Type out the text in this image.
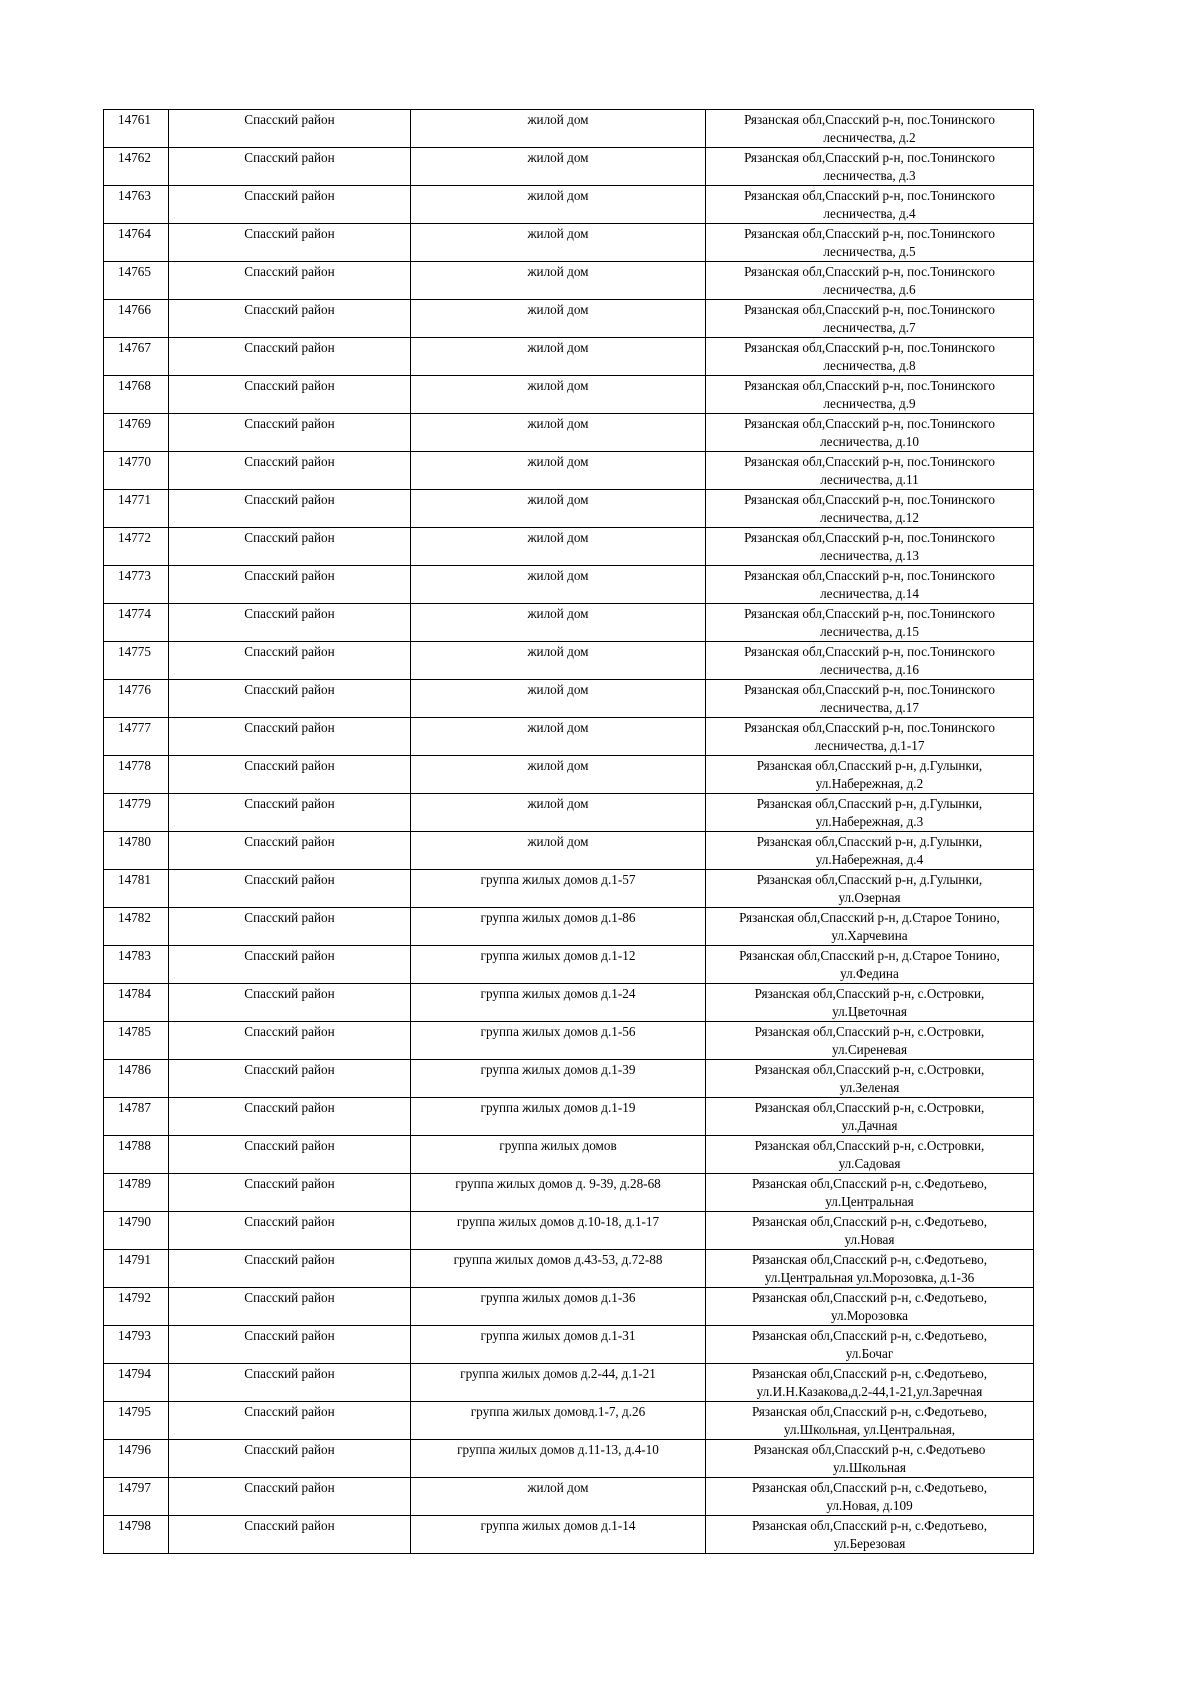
14761	Спасский район	жилой дом	Рязанская обл,Спасский р-н, пос.Тонинского
лесничества, д.2

14762	Спасский район	жилой дом	Рязанская обл,Спасский р-н, пос.Тонинского
лесничества, д.3

14763	Спасский район	жилой дом	Рязанская обл,Спасский р-н, пос.Тонинского
лесничества, д.4

14764	Спасский район	жилой дом	Рязанская обл,Спасский р-н, пос.Тонинского
лесничества, д.5

14765	Спасский район	жилой дом	Рязанская обл,Спасский р-н, пос.Тонинского
лесничества, д.6

14766	Спасский район	жилой дом	Рязанская обл,Спасский р-н, пос.Тонинского
лесничества, д.7

14767	Спасский район	жилой дом	Рязанская обл,Спасский р-н, пос.Тонинского
лесничества, д.8

14768	Спасский район	жилой дом	Рязанская обл,Спасский р-н, пос.Тонинского
лесничества, д.9

14769	Спасский район	жилой дом	Рязанская обл,Спасский р-н, пос.Тонинского
лесничества, д.10

14770	Спасский район	жилой дом	Рязанская обл,Спасский р-н, пос.Тонинского
лесничества, д.11

14771	Спасский район	жилой дом	Рязанская обл,Спасский р-н, пос.Тонинского
лесничества, д.12

14772	Спасский район	жилой дом	Рязанская обл,Спасский р-н, пос.Тонинского
лесничества, д.13

14773	Спасский район	жилой дом	Рязанская обл,Спасский р-н, пос.Тонинского
лесничества, д.14

14774	Спасский район	жилой дом	Рязанская обл,Спасский р-н, пос.Тонинского
лесничества, д.15

14775	Спасский район	жилой дом	Рязанская обл,Спасский р-н, пос.Тонинского
лесничества, д.16

14776	Спасский район	жилой дом	Рязанская обл,Спасский р-н, пос.Тонинского
лесничества, д.17

14777	Спасский район	жилой дом	Рязанская обл,Спасский р-н, пос.Тонинского
лесничества, д.1-17

14778	Спасский район	жилой дом	Рязанская обл,Спасский р-н, д.Гулынки,
ул.Набережная, д.2

14779	Спасский район	жилой дом	Рязанская обл,Спасский р-н, д.Гулынки,
ул.Набережная, д.3

14780	Спасский район	жилой дом	Рязанская обл,Спасский р-н, д.Гулынки,
ул.Набережная, д.4

14781	Спасский район	группа жилых домов д.1-57	Рязанская обл,Спасский р-н, д.Гулынки,
ул.Озерная

14782	Спасский район	группа жилых домов д.1-86	Рязанская обл,Спасский р-н, д.Старое Тонино,
ул.Харчевина

14783	Спасский район	группа жилых домов д.1-12	Рязанская обл,Спасский р-н, д.Старое Тонино,
ул.Федина

14784	Спасский район	группа жилых домов д.1-24	Рязанская обл,Спасский р-н, с.Островки,
ул.Цветочная

14785	Спасский район	группа жилых домов д.1-56	Рязанская обл,Спасский р-н, с.Островки,
ул.Сиреневая

14786	Спасский район	группа жилых домов д.1-39	Рязанская обл,Спасский р-н, с.Островки,
ул.Зеленая

14787	Спасский район	группа жилых домов д.1-19	Рязанская обл,Спасский р-н, с.Островки,
ул.Дачная

14788	Спасский район	группа жилых домов	Рязанская обл,Спасский р-н, с.Островки,
ул.Садовая

14789	Спасский район	группа жилых домов д. 9-39, д.28-68	Рязанская обл,Спасский р-н, с.Федотьево,
ул.Центральная

14790	Спасский район	группа жилых домов д.10-18, д.1-17	Рязанская обл,Спасский р-н, с.Федотьево,
ул.Новая

14791	Спасский район	группа жилых домов д.43-53, д.72-88	Рязанская обл,Спасский р-н, с.Федотьево,
ул.Центральная ул.Морозовка, д.1-36

14792	Спасский район	группа жилых домов д.1-36	Рязанская обл,Спасский р-н, с.Федотьево,
ул.Морозовка

14793	Спасский район	группа жилых домов д.1-31	Рязанская обл,Спасский р-н, с.Федотьево,
ул.Бочаг

14794	Спасский район	группа жилых домов д.2-44, д.1-21	Рязанская обл,Спасский р-н, с.Федотьево,
ул.И.Н.Казакова,д.2-44,1-21,ул.Заречная

14795	Спасский район	группа жилых домовд.1-7, д.26	Рязанская обл,Спасский р-н, с.Федотьево,
ул.Школьная, ул.Центральная,

14796	Спасский район	группа жилых домов д.11-13, д.4-10	Рязанская обл,Спасский р-н, с.Федотьево
ул.Школьная

14797	Спасский район	жилой дом	Рязанская обл,Спасский р-н, с.Федотьево,
ул.Новая, д.109

14798	Спасский район	группа жилых домов д.1-14	Рязанская обл,Спасский р-н, с.Федотьево,
ул.Березовая
